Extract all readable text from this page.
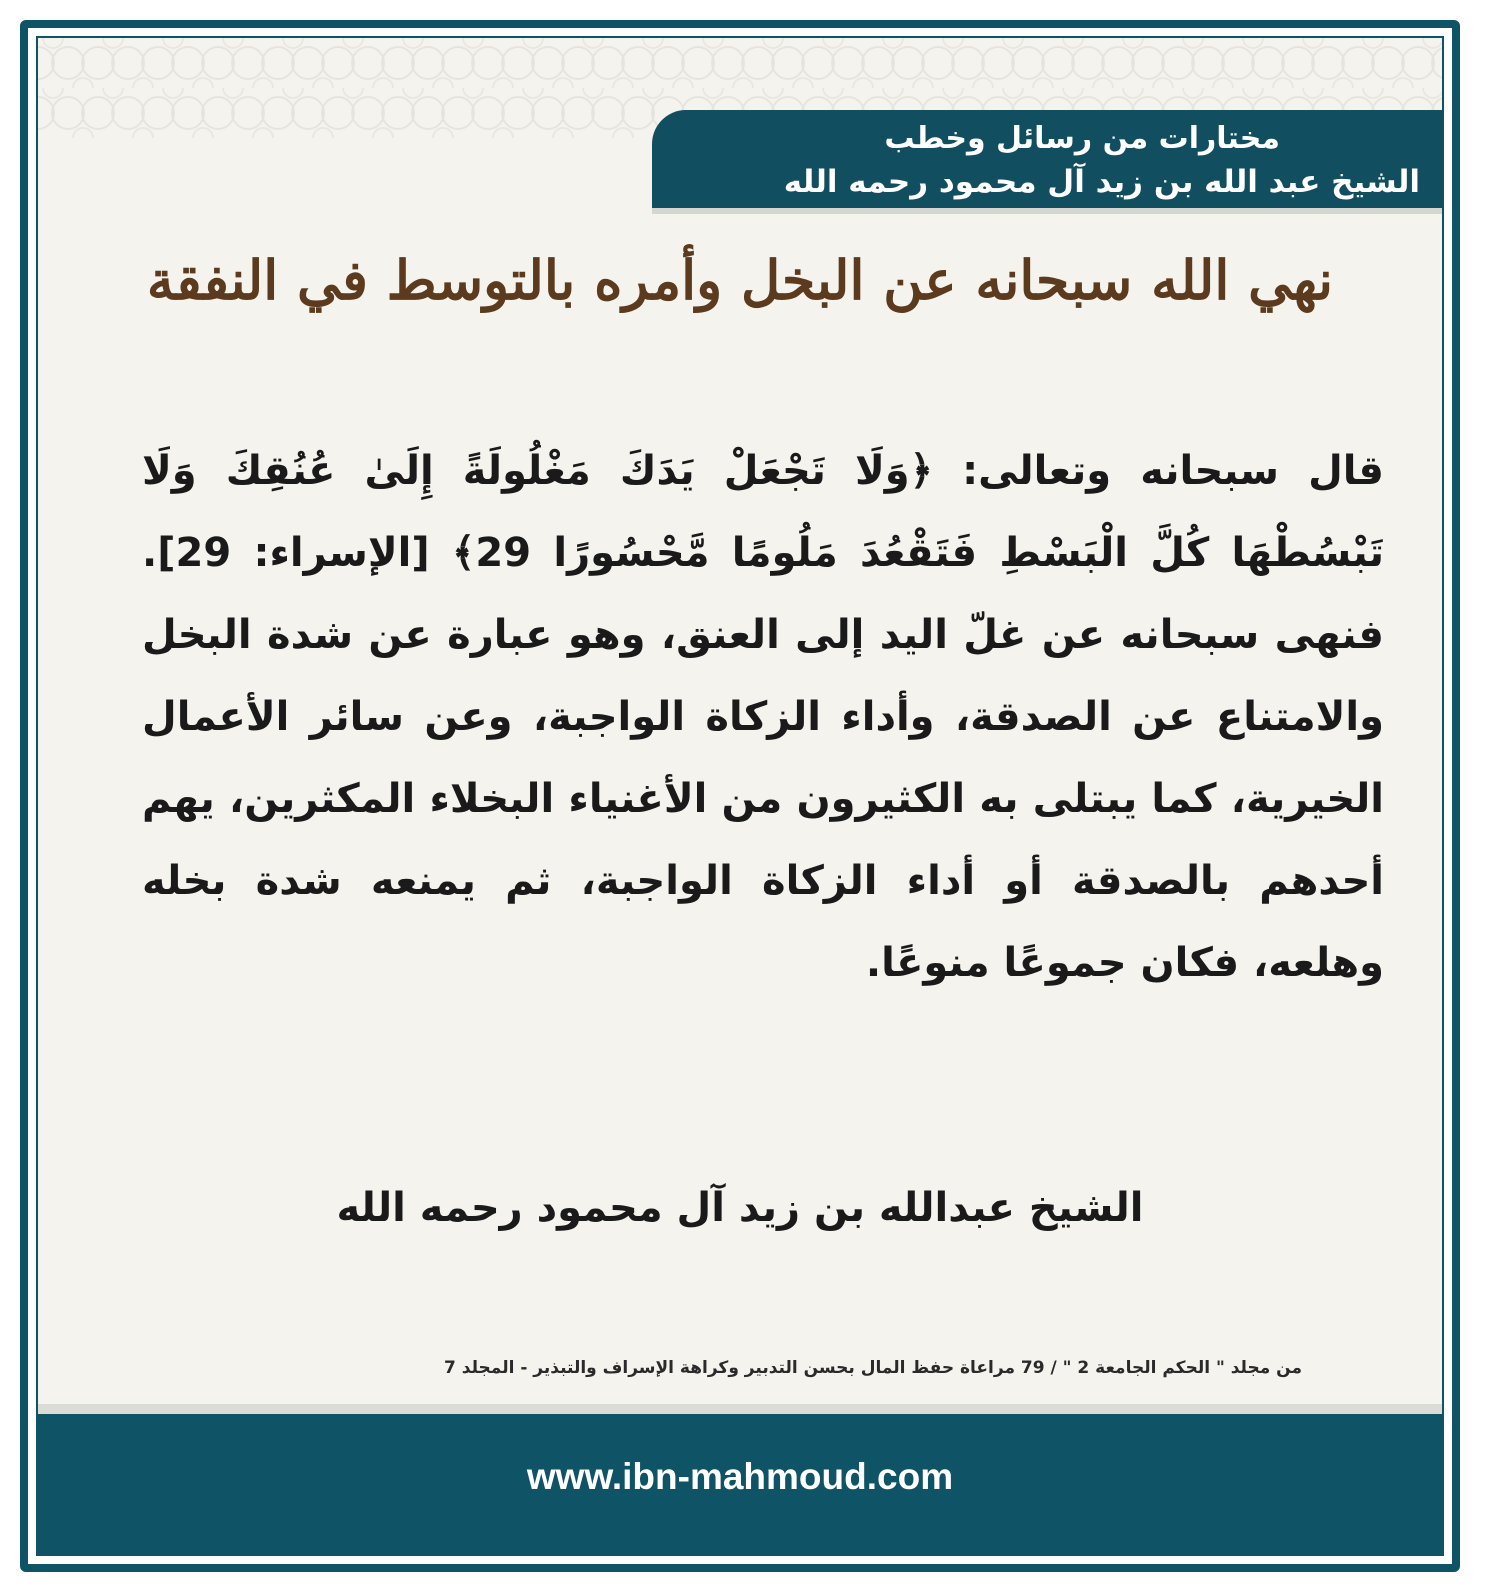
مختارات من رسائل وخطب
الشيخ عبد الله بن زيد آل محمود رحمه الله
نهي الله سبحانه عن البخل وأمره بالتوسط في النفقة

قال سبحانه وتعالى: ﴿وَلَا تَجْعَلْ يَدَكَ مَغْلُولَةً إِلَىٰ عُنُقِكَ وَلَا تَبْسُطْهَا كُلَّ الْبَسْطِ فَتَقْعُدَ مَلُومًا مَّحْسُورًا 29﴾ [الإسراء: 29]. فنهى سبحانه عن غلّ اليد إلى العنق، وهو عبارة عن شدة البخل والامتناع عن الصدقة، وأداء الزكاة الواجبة، وعن سائر الأعمال الخيرية، كما يبتلى به الكثيرون من الأغنياء البخلاء المكثرين، يهم أحدهم بالصدقة أو أداء الزكاة الواجبة، ثم يمنعه شدة بخله وهلعه، فكان جموعًا منوعًا.

الشيخ عبدالله بن زيد آل محمود رحمه الله
من مجلد " الحكم الجامعة 2 " / 79 مراعاة حفظ المال بحسن التدبير وكراهة الإسراف والتبذير - المجلد 7
www.ibn-mahmoud.com
